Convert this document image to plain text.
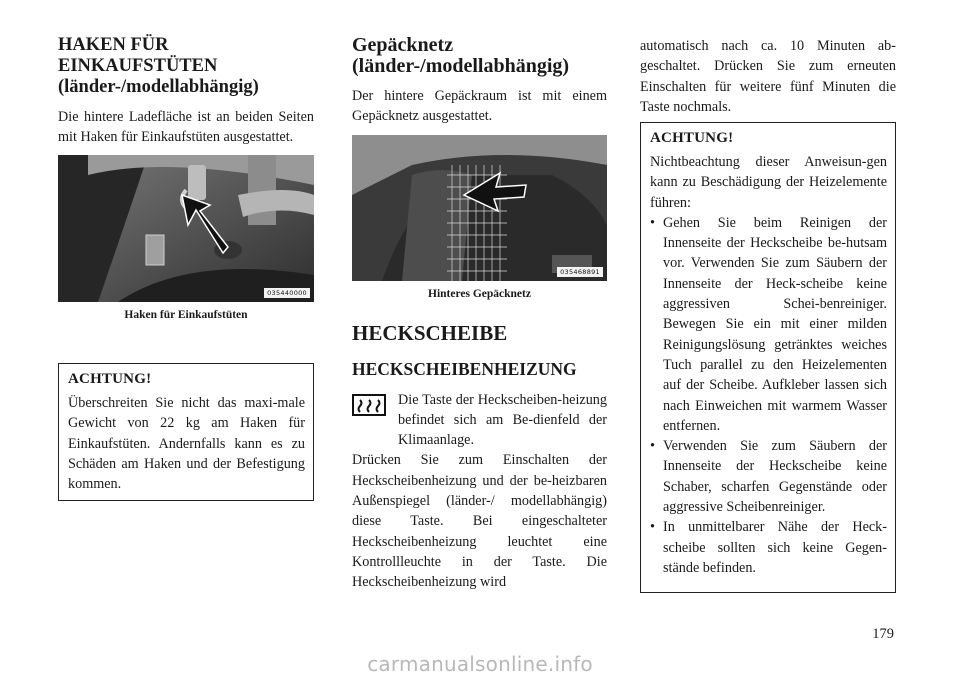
HAKEN FÜR
EINKAUFSTÜTEN
(länder-/modellabhängig)

Die hintere Ladefläche ist an beiden Seiten mit Haken für Einkaufstüten ausgestattet.

035440000

Haken für Einkaufstüten

ACHTUNG!

Überschreiten Sie nicht das maxi-male Gewicht von 22 kg am Haken für Einkaufstüten. Andernfalls kann es zu Schäden am Haken und der Befestigung kommen.

Gepäcknetz
(länder-/modellabhängig)

Der hintere Gepäckraum ist mit einem Gepäcknetz ausgestattet.

035468891

Hinteres Gepäcknetz

HECKSCHEIBE
HECKSCHEIBENHEIZUNG

Die Taste der Heckscheiben-heizung befindet sich am Be-dienfeld der Klimaanlage.

Drücken Sie zum Einschalten der Heckscheibenheizung und der be-heizbaren Außenspiegel (länder-/ modellabhängig) diese Taste. Bei eingeschalteter Heckscheibenheizung leuchtet eine Kontrollleuchte in der Taste. Die Heckscheibenheizung wird

automatisch nach ca. 10 Minuten ab-geschaltet. Drücken Sie zum erneuten Einschalten für weitere fünf Minuten die Taste nochmals.

ACHTUNG!

Nichtbeachtung dieser Anweisun-gen kann zu Beschädigung der Heizelemente führen:

• Gehen Sie beim Reinigen der Innenseite der Heckscheibe be-hutsam vor. Verwenden Sie zum Säubern der Innenseite der Heck-scheibe keine aggressiven Schei-benreiniger. Bewegen Sie ein mit einer milden Reinigungslösung getränktes weiches Tuch parallel zu den Heizelementen auf der Scheibe. Aufkleber lassen sich nach Einweichen mit warmem Wasser entfernen.
• Verwenden Sie zum Säubern der Innenseite der Heckscheibe keine Schaber, scharfen Gegenstände oder aggressive Scheibenreiniger.
• In unmittelbarer Nähe der Heck-scheibe sollten sich keine Gegen-stände befinden.
179
carmanualsonline.info
